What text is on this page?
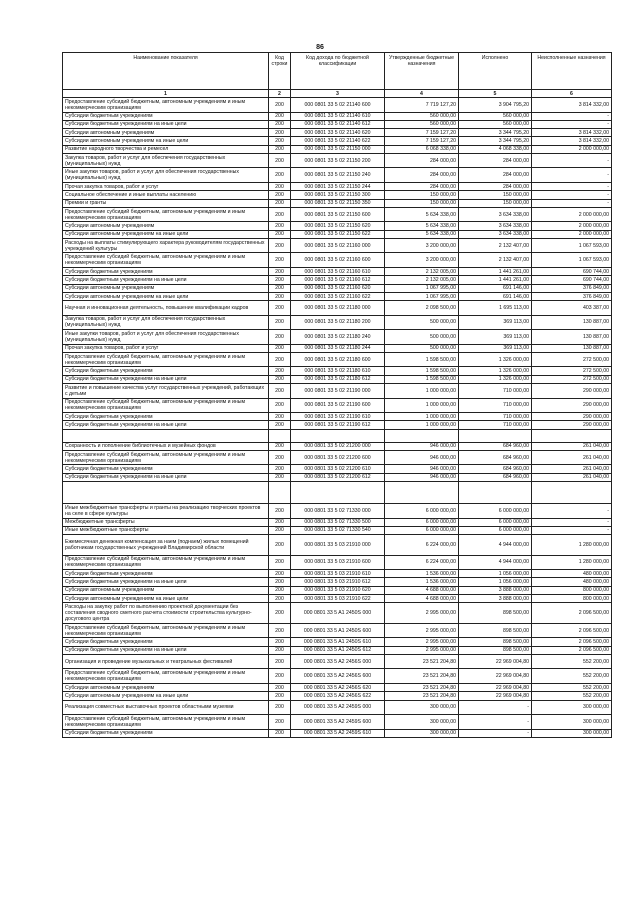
86
Наименование показателя	Код строки	Код дохода по бюджетной классификации	Утвержденные бюджетные назначения	Исполнено	Неисполненные назначения
1	2	3	4	5	6
Предоставление субсидий бюджетным, автономным учреждениям и иным некоммерческим организациям	200	000 0801 33 5 02 21140 600	7 719 127,20	3 904 795,20	3 814 332,00
Субсидии бюджетным учреждениям	200	000 0801 33 5 02 21140 610	560 000,00	560 000,00	-
Субсидии бюджетным учреждениям на иные цели	200	000 0801 33 5 02 21140 612	560 000,00	560 000,00	-
Субсидии автономным учреждениям	200	000 0801 33 5 02 21140 620	7 159 127,20	3 344 795,20	3 814 332,00
Субсидии автономным учреждениям на иные цели	200	000 0801 33 5 02 21140 622	7 159 127,20	3 344 795,20	3 814 332,00
Развитие народного творчества и ремесел	200	000 0801 33 5 02 21150 000	6 068 338,00	4 068 338,00	2 000 000,00
Закупка товаров, работ и услуг для обеспечения государственных (муниципальных) нужд	200	000 0801 33 5 02 21150 200	284 000,00	284 000,00	-
Иные закупки товаров, работ и услуг для обеспечения государственных (муниципальных) нужд	200	000 0801 33 5 02 21150 240	284 000,00	284 000,00	-
Прочая закупка товаров, работ и услуг	200	000 0801 33 5 02 21150 244	284 000,00	284 000,00	-
Социальное обеспечение и иные выплаты населению	200	000 0801 33 5 02 21150 300	150 000,00	150 000,00	-
Премии и гранты	200	000 0801 33 5 02 21150 350	150 000,00	150 000,00	-
Предоставление субсидий бюджетным, автономным учреждениям и иным некоммерческим организациям	200	000 0801 33 5 02 21150 600	5 634 338,00	3 634 338,00	2 000 000,00
Субсидии автономным учреждениям	200	000 0801 33 5 02 21150 620	5 634 338,00	3 634 338,00	2 000 000,00
Субсидии автономным учреждениям на иные цели	200	000 0801 33 5 02 21150 622	5 634 338,00	3 634 338,00	2 000 000,00
Расходы на выплаты стимулирующего характера руководителям государственных учреждений культуры	200	000 0801 33 5 02 21160 000	3 200 000,00	2 132 407,00	1 067 593,00
Предоставление субсидий бюджетным, автономным учреждениям и иным некоммерческим организациям	200	000 0801 33 5 02 21160 600	3 200 000,00	2 132 407,00	1 067 593,00
Субсидии бюджетным учреждениям	200	000 0801 33 5 02 21160 610	2 132 005,00	1 441 261,00	690 744,00
Субсидии бюджетным учреждениям на иные цели	200	000 0801 33 5 02 21160 612	2 132 005,00	1 441 261,00	690 744,00
Субсидии автономным учреждениям	200	000 0801 33 5 02 21160 620	1 067 995,00	691 146,00	376 849,00
Субсидии автономным учреждениям на иные цели	200	000 0801 33 5 02 21160 622	1 067 995,00	691 146,00	376 849,00
Научная и инновационная деятельность, повышение квалификации кадров	200	000 0801 33 5 02 21180 000	2 098 500,00	1 695 113,00	403 387,00
Закупка товаров, работ и услуг для обеспечения государственных (муниципальных) нужд	200	000 0801 33 5 02 21180 200	500 000,00	369 113,00	130 887,00
Иные закупки товаров, работ и услуг для обеспечения государственных (муниципальных) нужд	200	000 0801 33 5 02 21180 240	500 000,00	369 113,00	130 887,00
Прочая закупка товаров, работ и услуг	200	000 0801 33 5 02 21180 244	500 000,00	369 113,00	130 887,00
Предоставление субсидий бюджетным, автономным учреждениям и иным некоммерческим организациям	200	000 0801 33 5 02 21180 600	1 598 500,00	1 326 000,00	272 500,00
Субсидии бюджетным учреждениям	200	000 0801 33 5 02 21180 610	1 598 500,00	1 326 000,00	272 500,00
Субсидии бюджетным учреждениям на иные цели	200	000 0801 33 5 02 21180 612	1 598 500,00	1 326 000,00	272 500,00
Развитие и повышение качества услуг государственных учреждений, работающих с детьми	200	000 0801 33 5 02 21190 000	1 000 000,00	710 000,00	290 000,00
Предоставление субсидий бюджетным, автономным учреждениям и иным некоммерческим организациям	200	000 0801 33 5 02 21190 600	1 000 000,00	710 000,00	290 000,00
Субсидии бюджетным учреждениям	200	000 0801 33 5 02 21190 610	1 000 000,00	710 000,00	290 000,00
Субсидии бюджетным учреждениям на иные цели	200	000 0801 33 5 02 21190 612	1 000 000,00	710 000,00	290 000,00

Сохранность и пополнение библиотечных и музейных фондов	200	000 0801 33 5 02 21200 000	946 000,00	684 960,00	261 040,00
Предоставление субсидий бюджетным, автономным учреждениям и иным некоммерческим организациям	200	000 0801 33 5 02 21200 600	946 000,00	684 960,00	261 040,00
Субсидии бюджетным учреждениям	200	000 0801 33 5 02 21200 610	946 000,00	684 960,00	261 040,00
Субсидии бюджетным учреждениям на иные цели	200	000 0801 33 5 02 21200 612	946 000,00	684 960,00	261 040,00

Иные межбюджетные трансферты и гранты на реализацию творческих проектов на селе в сфере культуры	200	000 0801 33 5 02 71330 000	6 000 000,00	6 000 000,00	-
Межбюджетные трансферты	200	000 0801 33 5 02 71330 500	6 000 000,00	6 000 000,00	-
Иные межбюджетные трансферты	200	000 0801 33 5 02 71330 540	6 000 000,00	6 000 000,00	-
Ежемесячная денежная компенсация за наем (поднаем) жилых помещений работникам государственных учреждений Владимирской области	200	000 0801 33 5 03 21910 000	6 224 000,00	4 944 000,00	1 280 000,00
Предоставление субсидий бюджетным, автономным учреждениям и иным некоммерческим организациям	200	000 0801 33 5 03 21910 600	6 224 000,00	4 944 000,00	1 280 000,00
Субсидии бюджетным учреждениям	200	000 0801 33 5 03 21910 610	1 536 000,00	1 056 000,00	480 000,00
Субсидии бюджетным учреждениям на иные цели	200	000 0801 33 5 03 21910 612	1 536 000,00	1 056 000,00	480 000,00
Субсидии автономным учреждениям	200	000 0801 33 5 03 21910 620	4 688 000,00	3 888 000,00	800 000,00
Субсидии автономным учреждениям на иные цели	200	000 0801 33 5 03 21910 622	4 688 000,00	3 888 000,00	800 000,00
Расходы на закупку работ по выполнению проектной документации без составления сводного сметного расчета стоимости строительства культурно-досугового центра	200	000 0801 33 5 A1 2450S 000	2 995 000,00	898 500,00	2 096 500,00
Предоставление субсидий бюджетным, автономным учреждениям и иным некоммерческим организациям	200	000 0801 33 5 A1 2450S 600	2 995 000,00	898 500,00	2 096 500,00
Субсидии бюджетным учреждениям	200	000 0801 33 5 A1 2450S 610	2 995 000,00	898 500,00	2 096 500,00
Субсидии бюджетным учреждениям на иные цели	200	000 0801 33 5 A1 2450S 612	2 995 000,00	898 500,00	2 096 500,00
Организация и проведение музыкальных и театральных фестивалей	200	000 0801 33 5 A2 2456S 000	23 521 204,80	22 969 004,80	552 200,00
Предоставление субсидий бюджетным, автономным учреждениям и иным некоммерческим организациям	200	000 0801 33 5 A2 2456S 600	23 521 204,80	22 969 004,80	552 200,00
Субсидии автономным учреждениям	200	000 0801 33 5 A2 2456S 620	23 521 204,80	22 969 004,80	552 200,00
Субсидии автономным учреждениям на иные цели	200	000 0801 33 5 A2 2456S 622	23 521 204,80	22 969 004,80	552 200,00
Реализация совместных выставочных проектов областными музеями	200	000 0801 33 5 A2 2459S 000	300 000,00	-	300 000,00
Предоставление субсидий бюджетным, автономным учреждениям и иным некоммерческим организациям	200	000 0801 33 5 A2 2459S 600	300 000,00	-	300 000,00
Субсидии бюджетным учреждениям	200	000 0801 33 5 A2 2459S 610	300 000,00	-	300 000,00
